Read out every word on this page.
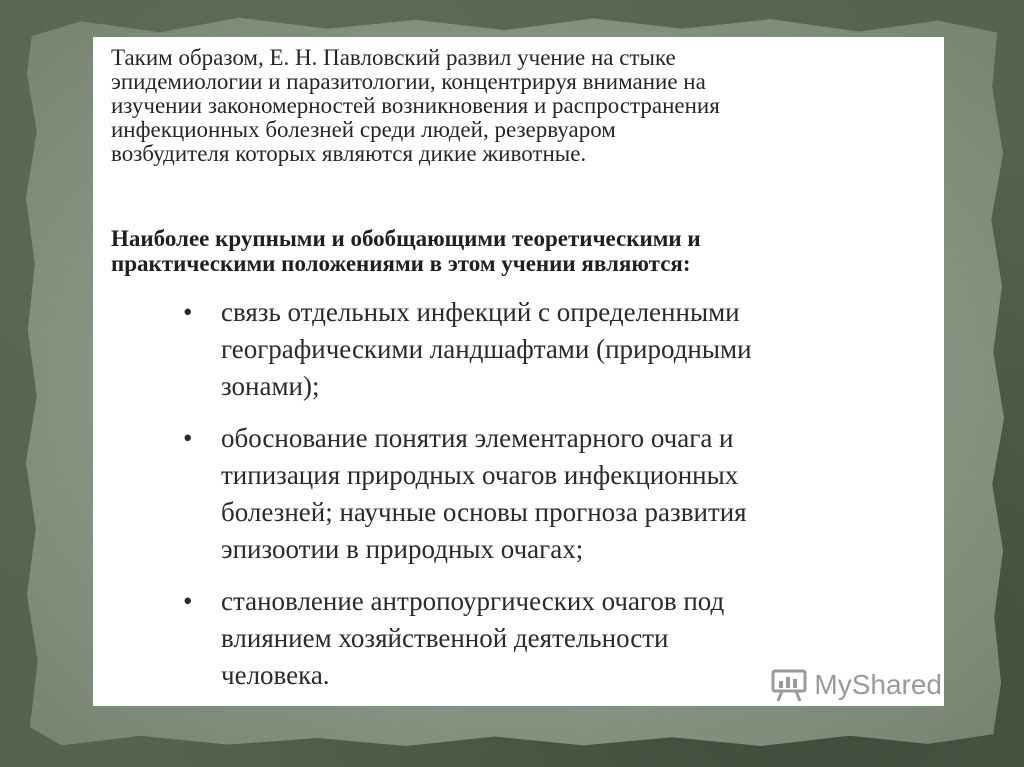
Таким образом, Е. Н. Павловский развил учение на стыке
эпидемиологии и паразитологии, концентрируя внимание на
изучении закономерностей возникновения и распространения
инфекционных болезней среди людей, резервуаром
возбудителя которых являются дикие животные.

Наиболее крупными и обобщающими теоретическими и
практическими положениями в этом учении являются:

• связь отдельных инфекций с определенными
географическими ландшафтами (природными
зонами);
• обоснование понятия элементарного очага и
типизация природных очагов инфекционных
болезней; научные основы прогноза развития
эпизоотии в природных очагах;
• становление антропоургических очагов под
влиянием хозяйственной деятельности
человека.	MyShared
